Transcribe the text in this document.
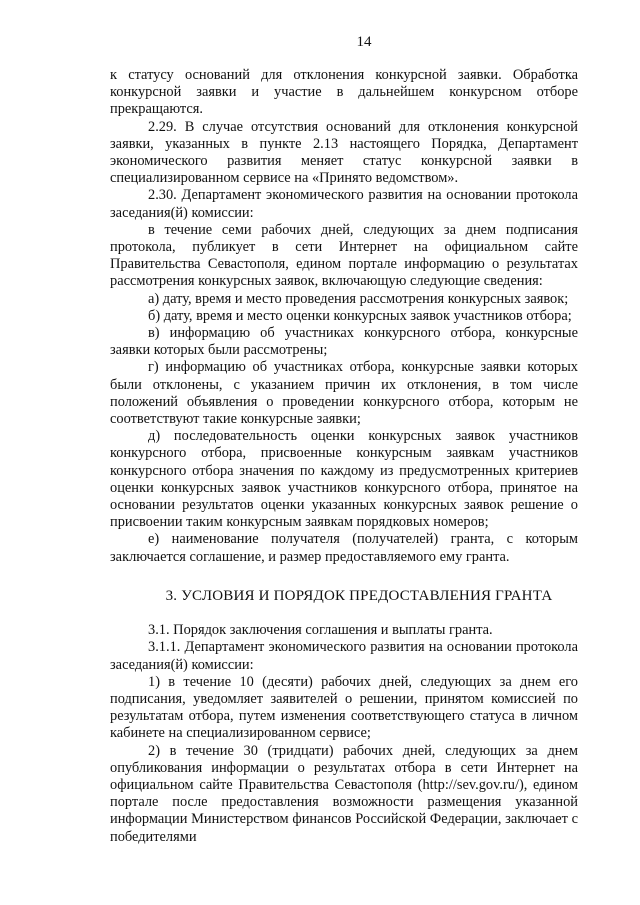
14

к статусу оснований для отклонения конкурсной заявки. Обработка конкурсной заявки и участие в дальнейшем конкурсном отборе прекращаются.

2.29. В случае отсутствия оснований для отклонения конкурсной заявки, указанных в пункте 2.13 настоящего Порядка, Департамент экономического развития меняет статус конкурсной заявки в специализированном сервисе на «Принято ведомством».

2.30. Департамент экономического развития на основании протокола заседания(й) комиссии:

в течение семи рабочих дней, следующих за днем подписания протокола, публикует в сети Интернет на официальном сайте Правительства Севастополя, едином портале информацию о результатах рассмотрения конкурсных заявок, включающую следующие сведения:

а) дату, время и место проведения рассмотрения конкурсных заявок;

б) дату, время и место оценки конкурсных заявок участников отбора;

в) информацию об участниках конкурсного отбора, конкурсные заявки которых были рассмотрены;

г) информацию об участниках отбора, конкурсные заявки которых были отклонены, с указанием причин их отклонения, в том числе положений объявления о проведении конкурсного отбора, которым не соответствуют такие конкурсные заявки;

д) последовательность оценки конкурсных заявок участников конкурсного отбора, присвоенные конкурсным заявкам участников конкурсного отбора значения по каждому из предусмотренных критериев оценки конкурсных заявок участников конкурсного отбора, принятое на основании результатов оценки указанных конкурсных заявок решение о присвоении таким конкурсным заявкам порядковых номеров;

е) наименование получателя (получателей) гранта, с которым заключается соглашение, и размер предоставляемого ему гранта.

3. УСЛОВИЯ И ПОРЯДОК ПРЕДОСТАВЛЕНИЯ ГРАНТА

3.1. Порядок заключения соглашения и выплаты гранта.

3.1.1. Департамент экономического развития на основании протокола заседания(й) комиссии:

1) в течение 10 (десяти) рабочих дней, следующих за днем его подписания, уведомляет заявителей о решении, принятом комиссией по результатам отбора, путем изменения соответствующего статуса в личном кабинете на специализированном сервисе;

2) в течение 30 (тридцати) рабочих дней, следующих за днем опубликования информации о результатах отбора в сети Интернет на официальном сайте Правительства Севастополя (http://sev.gov.ru/), едином портале после предоставления возможности размещения указанной информации Министерством финансов Российской Федерации, заключает с победителями
